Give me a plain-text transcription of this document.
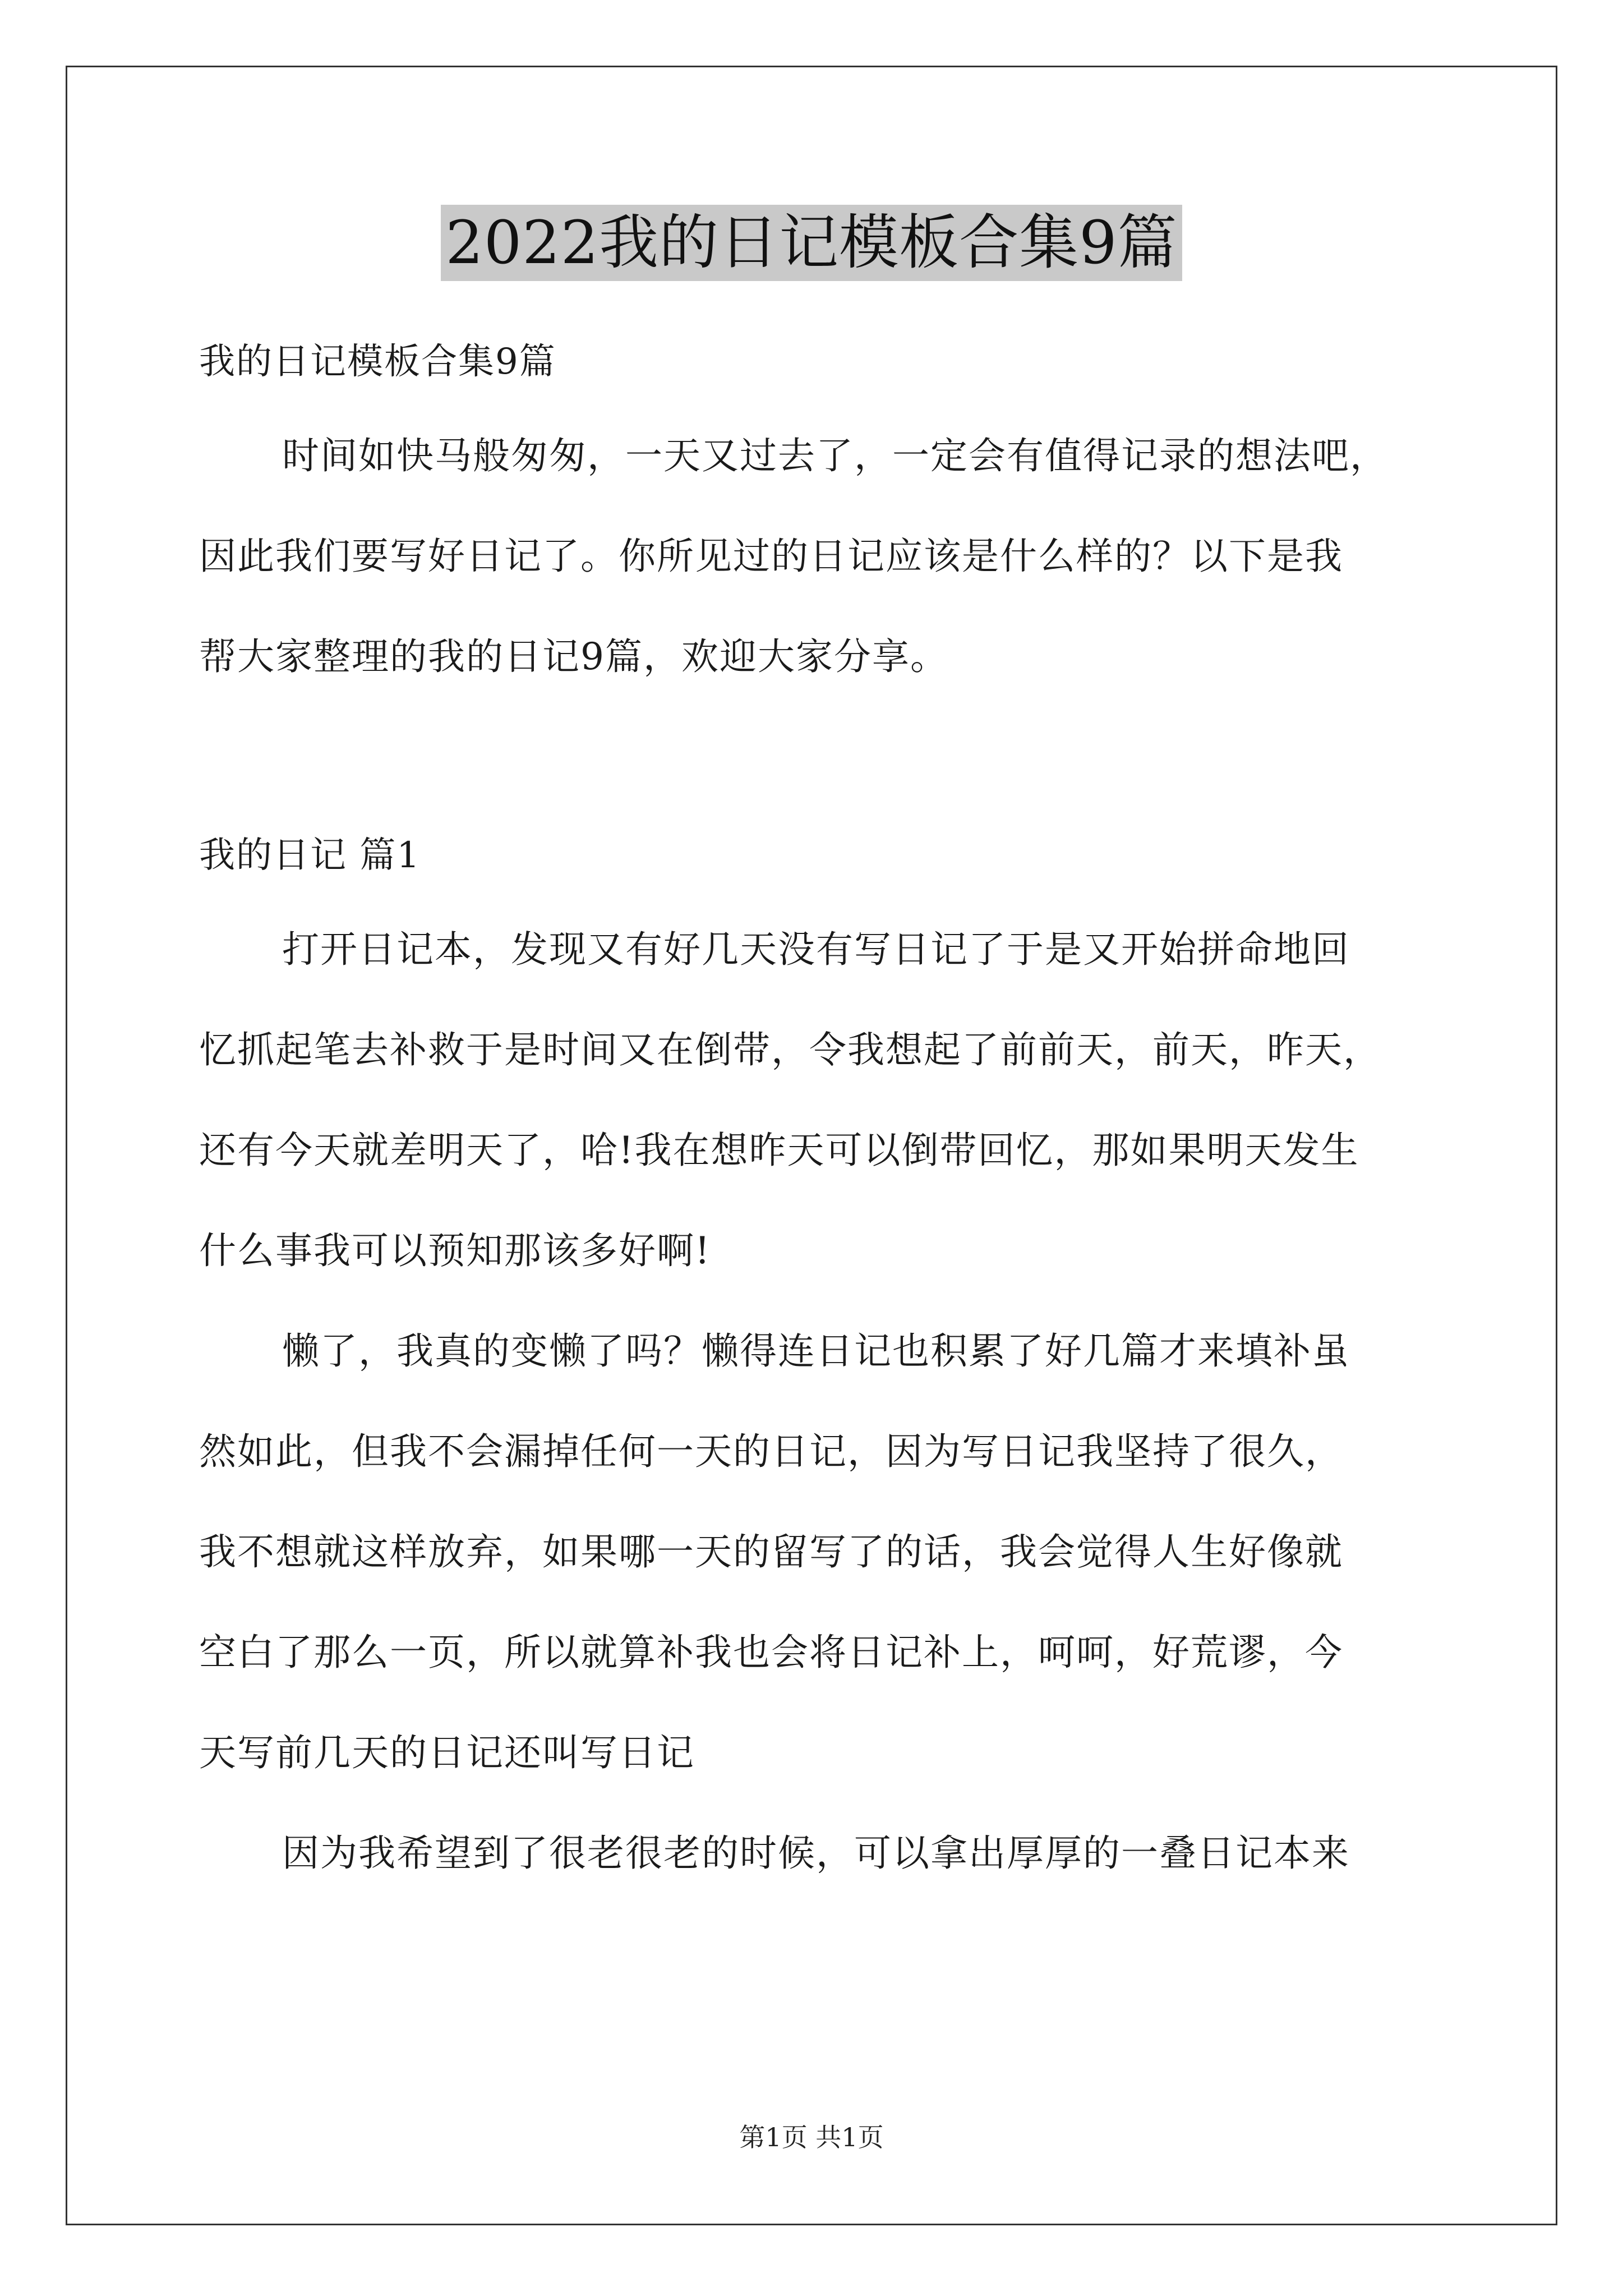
2022我的日记模板合集9篇

我的日记模板合集9篇

时间如快马般匆匆，一天又过去了，一定会有值得记录的想法吧，

因此我们要写好日记了。你所见过的日记应该是什么样的？以下是我

帮大家整理的我的日记9篇，欢迎大家分享。

我的日记 篇1

打开日记本，发现又有好几天没有写日记了于是又开始拼命地回

忆抓起笔去补救于是时间又在倒带，令我想起了前前天，前天，昨天，

还有今天就差明天了，哈!我在想昨天可以倒带回忆，那如果明天发生

什么事我可以预知那该多好啊!

懒了，我真的变懒了吗？懒得连日记也积累了好几篇才来填补虽

然如此，但我不会漏掉任何一天的日记，因为写日记我坚持了很久，

我不想就这样放弃，如果哪一天的留写了的话，我会觉得人生好像就

空白了那么一页，所以就算补我也会将日记补上，呵呵，好荒谬，今

天写前几天的日记还叫写日记

因为我希望到了很老很老的时候，可以拿出厚厚的一叠日记本来

第1页 共1页
